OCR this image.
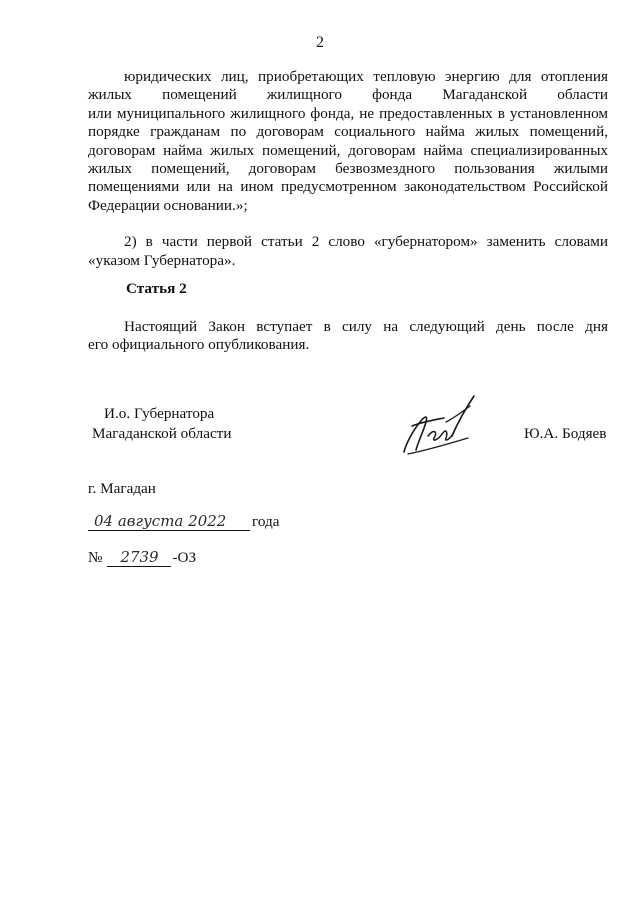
2
юридических лиц, приобретающих тепловую энергию для отопления
жилых помещений жилищного фонда Магаданской области
или муниципального жилищного фонда, не предоставленных в установленном
порядке гражданам по договорам социального найма жилых помещений,
договорам найма жилых помещений, договорам найма специализированных
жилых помещений, договорам безвозмездного пользования жилыми
помещениями или на ином предусмотренном законодательством Российской
Федерации основании.»;
2) в части первой статьи 2 слово «губернатором» заменить словами
«указом Губернатора».
Статья 2
Настоящий Закон вступает в силу на следующий день после дня
его официального опубликования.
И.о. Губернатора
Магаданской области	Ю.А. Бодяев
г. Магадан
04 августа 2022	года
№	2739 -ОЗ
